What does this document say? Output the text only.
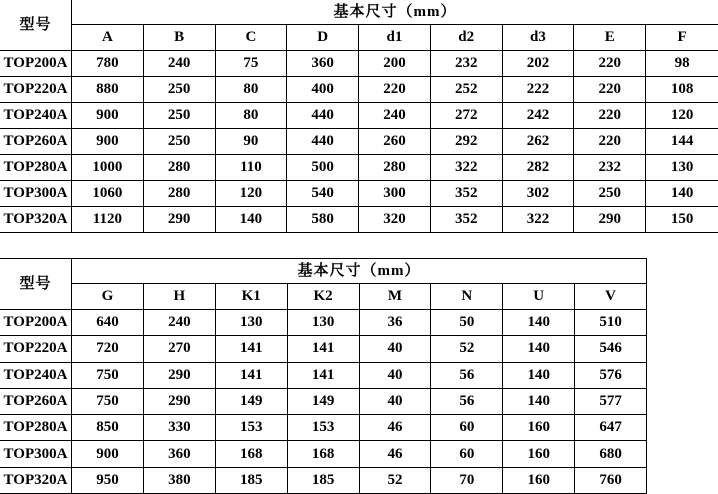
型号	基本尺寸（mm）								
	A	B	C	D	d1	d2	d3	E	F
TOP200A	780	240	75	360	200	232	202	220	98
TOP220A	880	250	80	400	220	252	222	220	108
TOP240A	900	250	80	440	240	272	242	220	120
TOP260A	900	250	90	440	260	292	262	220	144
TOP280A	1000	280	110	500	280	322	282	232	130
TOP300A	1060	280	120	540	300	352	302	250	140
TOP320A	1120	290	140	580	320	352	322	290	150
型号	基本尺寸（mm）							
	G	H	K1	K2	M	N	U	V
TOP200A	640	240	130	130	36	50	140	510
TOP220A	720	270	141	141	40	52	140	546
TOP240A	750	290	141	141	40	56	140	576
TOP260A	750	290	149	149	40	56	140	577
TOP280A	850	330	153	153	46	60	160	647
TOP300A	900	360	168	168	46	60	160	680
TOP320A	950	380	185	185	52	70	160	760
